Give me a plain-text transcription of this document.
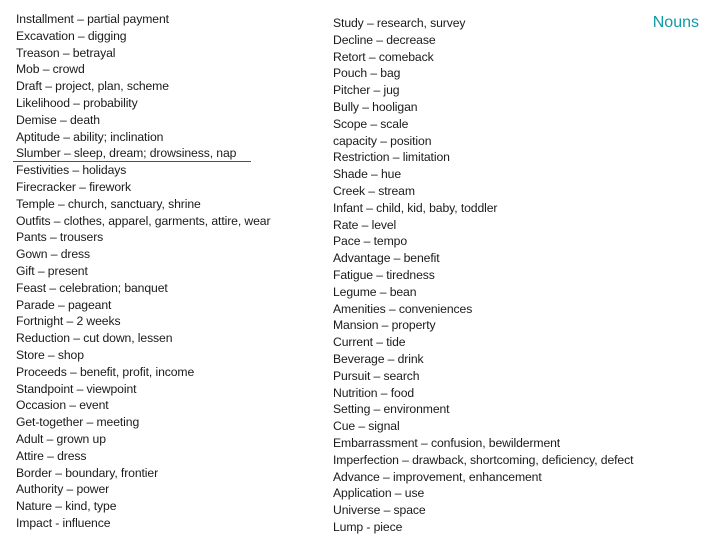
Nouns
Installment – partial payment
Excavation – digging
Treason – betrayal
Mob – crowd
Draft – project, plan, scheme
Likelihood – probability
Demise – death
Aptitude – ability; inclination
Slumber – sleep, dream; drowsiness, nap
Festivities – holidays
Firecracker – firework
Temple – church, sanctuary, shrine
Outfits – clothes, apparel, garments, attire, wear
Pants – trousers
Gown – dress
Gift – present
Feast – celebration; banquet
Parade – pageant
Fortnight – 2 weeks
Reduction – cut down, lessen
Store – shop
Proceeds – benefit, profit, income
Standpoint – viewpoint
Occasion – event
Get-together – meeting
Adult – grown up
Attire – dress
Border – boundary, frontier
Authority – power
Nature – kind, type
Impact - influence
Study – research, survey
Decline – decrease
Retort – comeback
Pouch – bag
Pitcher – jug
Bully – hooligan
Scope – scale
capacity – position
Restriction – limitation
Shade – hue
Creek – stream
Infant – child, kid, baby, toddler
Rate – level
Pace – tempo
Advantage – benefit
Fatigue – tiredness
Legume – bean
Amenities – conveniences
Mansion – property
Current – tide
Beverage – drink
Pursuit – search
Nutrition – food
Setting – environment
Cue – signal
Embarrassment – confusion, bewilderment
Imperfection – drawback, shortcoming, deficiency, defect
Advance – improvement, enhancement
Application – use
Universe – space
Lump - piece
